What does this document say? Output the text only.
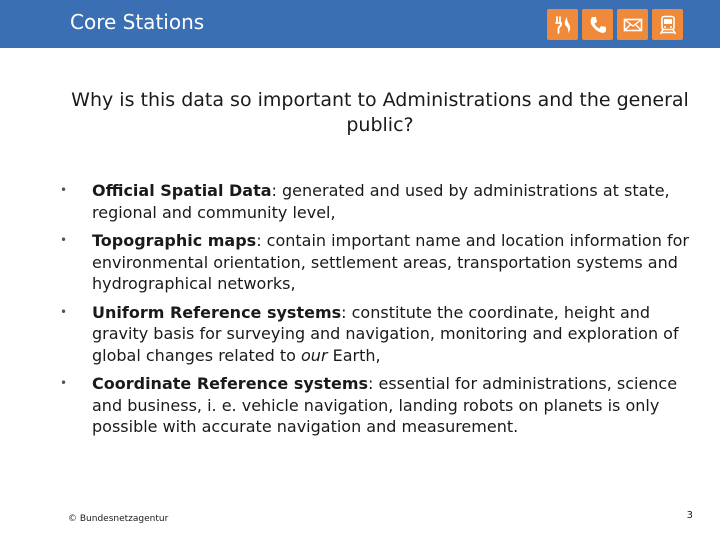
Core Stations
Why is this data so important to Administrations and the general public?
• Official Spatial Data: generated and used by administrations at state, regional and community level,
• Topographic maps: contain important name and location information for environmental orientation, settlement areas, transportation systems and hydrographical networks,
• Uniform Reference systems: constitute the coordinate, height and gravity basis for surveying and navigation, monitoring and exploration of global changes related to our Earth,
• Coordinate Reference systems: essential for administrations, science and business, i. e. vehicle navigation, landing robots on planets is only possible with accurate navigation and measurement.
© Bundesnetzagentur	3
